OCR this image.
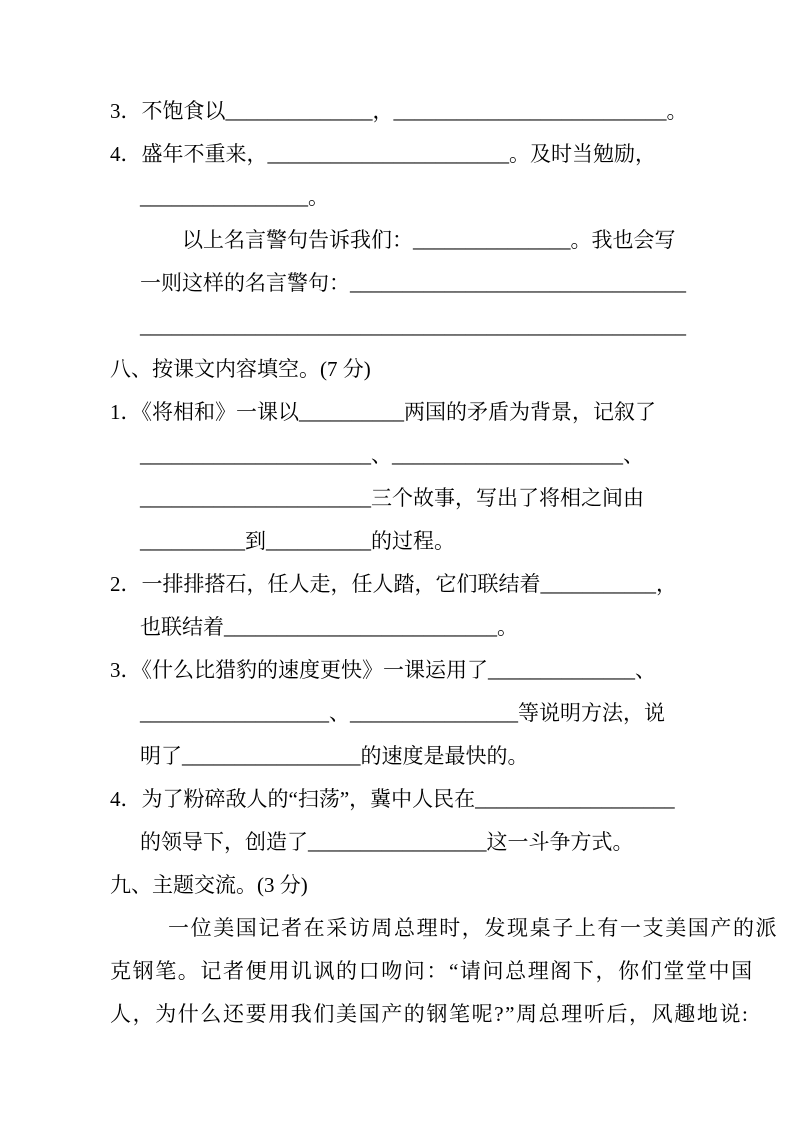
3．不饱食以______________，__________________________。
4．盛年不重来，_______________________。及时当勉励，
________________。
以上名言警句告诉我们：_______________。我也会写
一则这样的名言警句：________________________________
____________________________________________________
八、按课文内容填空。(7 分)
1．《将相和》一课以__________两国的矛盾为背景，记叙了
______________________、______________________、
______________________三个故事，写出了将相之间由
__________到__________的过程。
2．一排排搭石，任人走，任人踏，它们联结着___________，
也联结着__________________________。
3．《什么比猎豹的速度更快》一课运用了______________、
__________________、________________等说明方法，说
明了_________________的速度是最快的。
4．为了粉碎敌人的“扫荡”，冀中人民在___________________
的领导下，创造了_________________这一斗争方式。
九、主题交流。(3 分)
一位美国记者在采访周总理时，发现桌子上有一支美国产的派
克钢笔。记者便用讥讽的口吻问：“请问总理阁下，你们堂堂中国
人，为什么还要用我们美国产的钢笔呢?”周总理听后，风趣地说:
